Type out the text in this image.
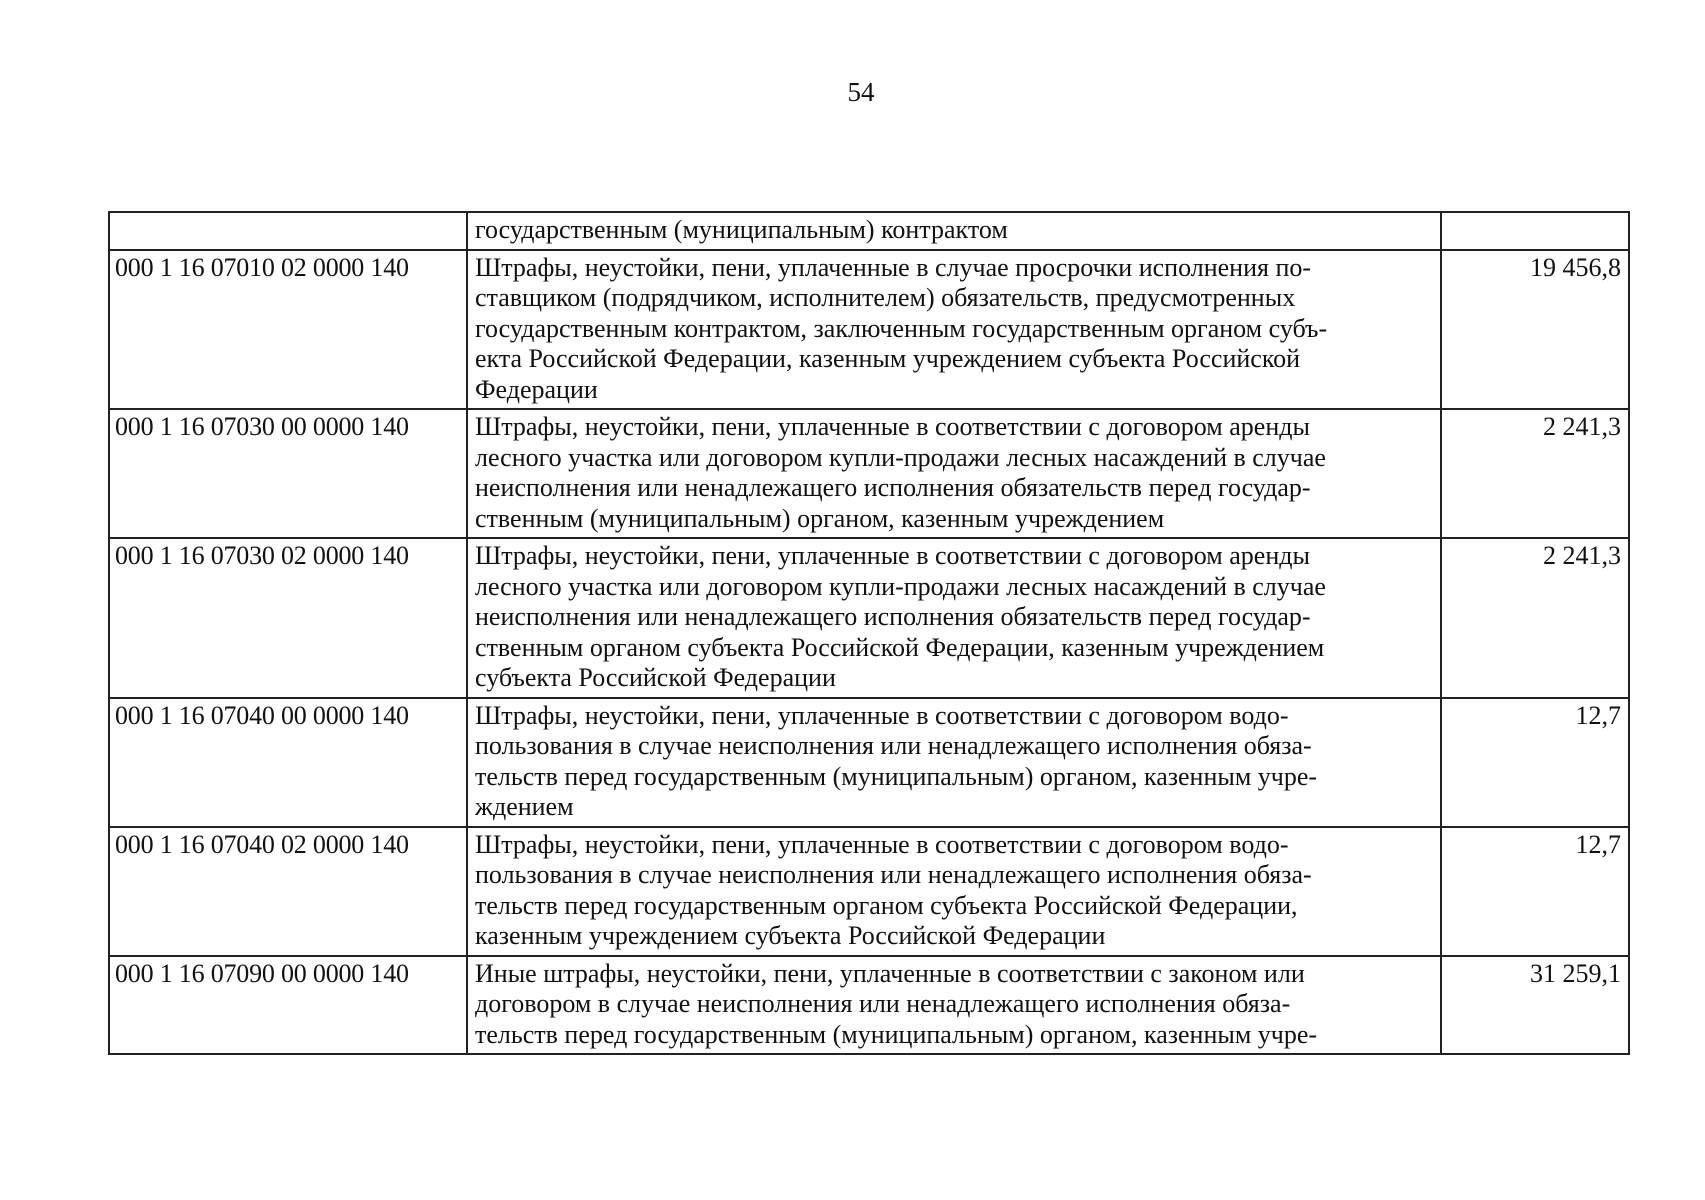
54

государственным (муниципальным) контрактом	

000 1 16 07010 02 0000 140	Штрафы, неустойки, пени, уплаченные в случае просрочки исполнения по-
ставщиком (подрядчиком, исполнителем) обязательств, предусмотренных
государственным контрактом, заключенным государственным органом субъ-
екта Российской Федерации, казенным учреждением субъекта Российской
Федерации	19 456,8
000 1 16 07030 00 0000 140	Штрафы, неустойки, пени, уплаченные в соответствии с договором аренды
лесного участка или договором купли-продажи лесных насаждений в случае
неисполнения или ненадлежащего исполнения обязательств перед государ-
ственным (муниципальным) органом, казенным учреждением	2 241,3
000 1 16 07030 02 0000 140	Штрафы, неустойки, пени, уплаченные в соответствии с договором аренды
лесного участка или договором купли-продажи лесных насаждений в случае
неисполнения или ненадлежащего исполнения обязательств перед государ-
ственным органом субъекта Российской Федерации, казенным учреждением
субъекта Российской Федерации	2 241,3
000 1 16 07040 00 0000 140	Штрафы, неустойки, пени, уплаченные в соответствии с договором водо-
пользования в случае неисполнения или ненадлежащего исполнения обяза-
тельств перед государственным (муниципальным) органом, казенным учре-
ждением	12,7
000 1 16 07040 02 0000 140	Штрафы, неустойки, пени, уплаченные в соответствии с договором водо-
пользования в случае неисполнения или ненадлежащего исполнения обяза-
тельств перед государственным органом субъекта Российской Федерации,
казенным учреждением субъекта Российской Федерации	12,7
000 1 16 07090 00 0000 140	Иные штрафы, неустойки, пени, уплаченные в соответствии с законом или
договором в случае неисполнения или ненадлежащего исполнения обяза-
тельств перед государственным (муниципальным) органом, казенным учре-	31 259,1
